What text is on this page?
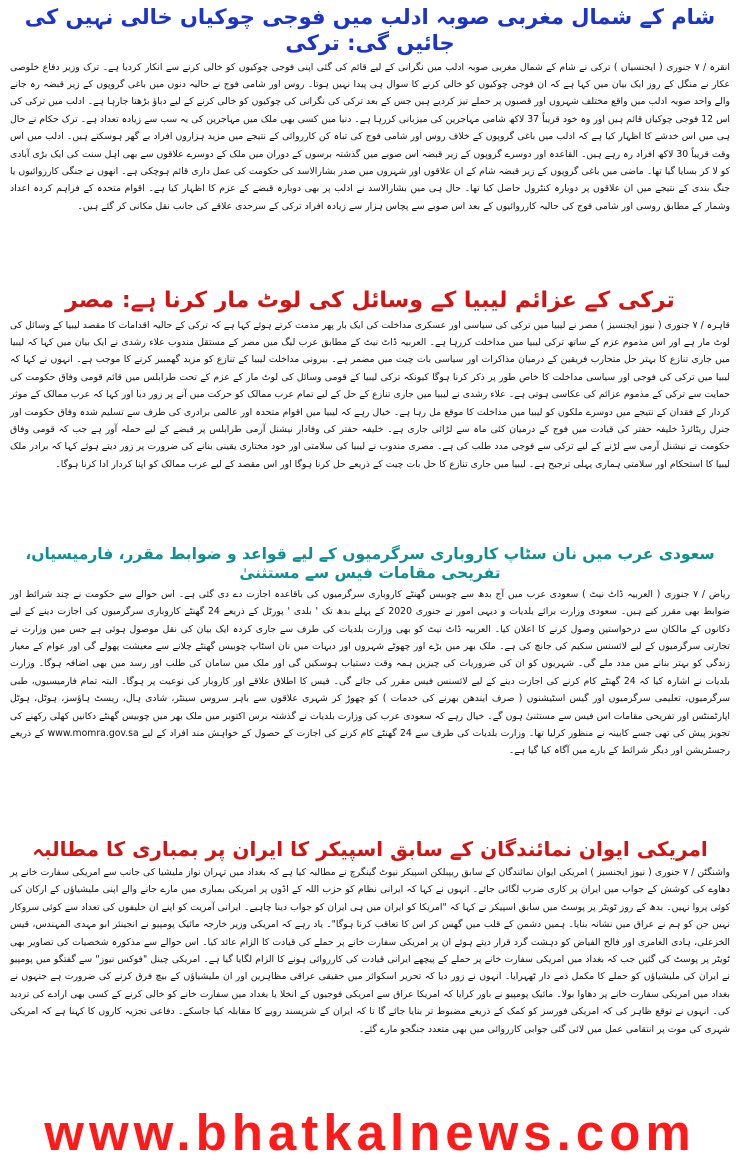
شام کے شمال مغربی صوبہ ادلب میں فوجی چوکیاں خالی نہیں کی جائیں گی: ترکی

انقرہ / ۷ جنوری ( ایجنسیاں ) ترکی نے شام کے شمال مغربی صوبہ ادلب میں نگرانی کے لیے قائم کی گئی اپنی فوجی چوکیوں کو خالی کرنے سے انکار کردیا ہے۔ ترک وزیر دفاع خلوصی عکار نے منگل کے روز ایک بیان میں کہا ہے کہ ان فوجی چوکیوں کو خالی کرنے کا سوال ہی پیدا نہیں ہوتا۔ روس اور شامی فوج نے حالیہ دنوں میں باغی گروپوں کے زیر قبضہ رہ جانے والے واحد صوبہ ادلب میں واقع مختلف شہروں اور قصبوں پر حملے تیز کردیے ہیں جس کے بعد ترکی کی نگرانی کی چوکیوں کو خالی کرنے کے لیے دباؤ بڑھتا جارہا ہے۔ ادلب میں ترکی کی اس 12 فوجی چوکیاں قائم ہیں اور وہ خود قریباً 37 لاکھ شامی مہاجرین کی میزبانی کررہا ہے۔ دنیا میں کسی بھی ملک میں مہاجرین کی یہ سب سے زیادہ تعداد ہے۔ ترک حکام نے حال ہی میں اس خدشے کا اظہار کیا ہے کہ ادلب میں باغی گروپوں کے خلاف روس اور شامی فوج کی تباہ کن کارروائی کے نتیجے میں مزید ہزاروں افراد بے گھر ہوسکتے ہیں۔ ادلب میں اس وقت قریباً 30 لاکھ افراد رہ رہے ہیں۔ القاعدہ اور دوسرے گروپوں کے زیر قبضہ اس صوبے میں گذشتہ برسوں کے دوران میں ملک کے دوسرے علاقوں سے بھی اہل سنت کی ایک بڑی آبادی کو لا کر بسایا گیا تھا۔ ماضی میں باغی گروپوں کے زیر قبضہ شام کے ان علاقوں اور شہروں میں صدر بشارالاسد کی حکومت کی عمل داری قائم ہوچکی ہے۔ انھوں نے جنگی کارروائیوں یا جنگ بندی کے نتیجے میں ان علاقوں پر دوبارہ کنٹرول حاصل کیا تھا۔ حال ہی میں بشارالاسد نے ادلب پر بھی دوبارہ قبضے کے عزم کا اظہار کیا ہے۔ اقوام متحدہ کے فراہم کردہ اعداد وشمار کے مطابق روسی اور شامی فوج کی حالیہ کارروائیوں کے بعد اس صوبے سے پچاس ہزار سے زیادہ افراد ترکی کے سرحدی علاقے کی جانب نقل مکانی کر گئے ہیں۔

ترکی کے عزائم لیبیا کے وسائل کی لوٹ مار کرنا ہے: مصر

قاہرہ / ۷ جنوری ( نیوز ایجنسیز ) مصر نے لیبیا میں ترکی کی سیاسی اور عسکری مداخلت کی ایک بار پھر مذمت کرتے ہوئے کہا ہے کہ ترکی کے حالیہ اقدامات کا مقصد لیبیا کے وسائل کی لوٹ مار ہے اور اس مذموم عزم کے ساتھ ترکی لیبیا میں مداخلت کررہا ہے۔ العربیہ ڈاٹ نیٹ کے مطابق عرب لیگ میں مصر کے مستقل مندوب علاء رشدی نے ایک بیان میں کہا کہ لیبیا میں جاری تنازع کا بہتر حل متحارب فریقین کے درمیان مذاکرات اور سیاسی بات چیت میں مضمر ہے۔ بیرونی مداخلت لیبیا کے تنازع کو مزید گھمبیر کرنے کا موجب ہے۔ انہوں نے کہا کہ لیبیا میں ترکی کی فوجی اور سیاسی مداخلت کا خاص طور پر ذکر کرنا ہوگا کیونکہ ترکی لیبیا کے قومی وسائل کی لوٹ مار کے عزم کے تحت طرابلس میں قائم قومی وفاق حکومت کی حمایت سے ترکی کے مذموم عزائم کی عکاسی ہوتی ہے۔ علاء رشدی نے لیبیا میں جاری تنازع کے حل کے لیے تمام عرب ممالک کو حرکت میں آنے پر زور دیا اور کہا کہ عرب ممالک کے موثر کردار کے فقدان کے نتیجے میں دوسرے ملکوں کو لیبیا میں مداخلت کا موقع مل رہا ہے۔ خیال رہے کہ لیبیا میں اقوام متحدہ اور عالمی برادری کی طرف سے تسلیم شدہ وفاق حکومت اور جنرل ریٹائرڈ خلیفہ حفتر کی قیادت میں فوج کے درمیان کئی ماہ سے لڑائی جاری ہے۔ خلیفہ حفتر کی وفادار نیشنل آرمی طرابلس پر قبضے کے لیے حملہ آور ہے جب کہ قومی وفاق حکومت نے نیشنل آرمی سے لڑنے کے لیے ترکی سے فوجی مدد طلب کی ہے۔ مصری مندوب نے لیبیا کی سلامتی اور خود مختاری یقینی بنانے کی ضرورت پر زور دیتے ہوئے کہا کہ برادر ملک لیبیا کا استحکام اور سلامتی ہماری پہلی ترجیح ہے۔ لیبیا میں جاری تنازع کا حل بات چیت کے ذریعے حل کرنا ہوگا اور اس مقصد کے لیے عرب ممالک کو اپنا کردار ادا کرنا ہوگا۔

سعودی عرب میں نان سٹاپ کاروباری سرگرمیوں کے لیے قواعد و ضوابط مقرر، فارمیسیاں، تفریحی مقامات فیس سے مستثنیٰ

ریاض / ۷ جنوری ( العربیہ ڈاٹ نیٹ ) سعودی عرب میں آج بدھ سے چوبیس گھنٹے کاروباری سرگرمیوں کی باقاعدہ اجازت دے دی گئی ہے۔ اس حوالے سے حکومت نے چند شرائط اور ضوابط بھی مقرر کیے ہیں۔ سعودی وزارت برائے بلدیات و دیہی امور نے جنوری 2020 کے پہلے بدھ تک ' بلدی ' پورٹل کے ذریعے 24 گھنٹے کاروباری سرگرمیوں کی اجازت دینے کے لیے دکانوں کے مالکان سے درخواستیں وصول کرنے کا اعلان کیا۔ العربیہ ڈاٹ نیٹ کو بھی وزارت بلدیات کی طرف سے جاری کردہ ایک بیان کی نقل موصول ہوئی ہے جس میں وزارت نے تجارتی سرگرمیوں کے لیے لائسنس سکیم کی جانچ کی ہے۔ ملک بھر میں بڑے اور چھوٹے شہروں اور دیہات میں نان اسٹاپ چوبیس گھنٹے چلانے سے معیشت پھولے گی اور عوام کے معیار زندگی کو بہتر بنانے میں مدد ملے گی۔ شہریوں کو ان کی ضروریات کی چیزیں ہمہ وقت دستیاب ہوسکیں گی اور ملک میں سامان کی طلب اور رسد میں بھی اضافہ ہوگا۔ وزارت بلدیات نے اشارہ کیا کہ 24 گھنٹے کام کرنے کی اجازت دینے کے لیے لائسنس فیس مقرر کی جائے گی۔ فیس کا اطلاق علاقے اور کاروبار کی نوعیت پر ہوگا۔ البتہ تمام فارمیسیوں، طبی سرگرمیوں، تعلیمی سرگرمیوں اور گیس اسٹیشنوں ( صرف ایندھن بھرنے کی خدمات ) کو چھوڑ کر شہری علاقوں سے باہر سروس سینٹر، شادی ہال، ریسٹ ہاؤسز، ہوٹل، ہوٹل اپارٹمنٹس اور تفریحی مقامات اس فیس سے مستثنیٰ ہوں گے۔ خیال رہے کہ سعودی عرب کی وزارت بلدیات نے گذشتہ برس اکتوبر میں ملک بھر میں چوبیس گھنٹے دکانیں کھلی رکھنے کی تجویز پیش کی تھی جسے کابینہ نے منظور کرلیا تھا۔ وزارت بلدیات کی طرف سے 24 گھنٹے کام کرنے کی اجازت کے حصول کے خواہش مند افراد کے لیے www.momra.gov.sa کے ذریعے رجسٹریشن اور دیگر شرائط کے بارے میں آگاہ کیا گیا ہے۔

امریکی ایوان نمائندگان کے سابق اسپیکر کا ایران پر بمباری کا مطالبہ

واشنگٹن / ۷ جنوری ( نیوز ایجنسیز ) امریکی ایوان نمائندگان کے سابق ریپبلکن اسپیکر نیوٹ گینگرچ نے مطالبہ کیا ہے کہ بغداد میں تہران نواز ملیشیا کی جانب سے امریکی سفارت خانے پر دھاوے کی کوشش کے جواب میں ایران پر کاری ضرب لگائی جائے۔ انہوں نے کہا کہ ایرانی نظام کو حزب اللہ کے اڈوں پر امریکی بمباری میں مارے جانے والے اپنی ملیشیاؤں کے ارکان کی کوئی پروا نہیں۔ بدھ کے روز ٹویٹر پر پوسٹ میں سابق اسپیکر نے کہا کہ "امریکا کو ایران میں ہی ایران کو جواب دینا چاہیے۔ ایرانی آمریت کو اپنے ان حلیفوں کی تعداد سے کوئی سروکار نہیں جن کو ہم نے عراق میں نشانہ بنایا۔ ہمیں دشمن کے قلب میں گھس کر اس کا تعاقب کرنا ہوگا"۔ یاد رہے کہ امریکی وزیر خارجہ مائیک پومپیو نے انجینئر ابو مہدی المہندس، قیس الخزعلی، ہادی العامری اور فالح الفیاض کو دہشت گرد قرار دیتے ہوئے ان پر امریکی سفارت خانے پر حملے کی قیادت کا الزام عائد کیا۔ اس حوالے سے مذکورہ شخصیات کی تصاویر بھی ٹویٹر پر پوسٹ کی گئیں جب کہ بغداد میں امریکی سفارت خانے پر حملے کے پیچھے ایرانی قیادت کی کارروائی ہونے کا الزام لگایا گیا ہے۔ امریکی چینل "فوکس نیوز" سے گفتگو میں پومپیو نے ایران کی ملیشیاؤں کو حملے کا مکمل ذمے دار ٹھہرایا۔ انہوں نے زور دیا کہ تحریر اسکوائر میں حقیقی عراقی مظاہرین اور ان ملیشیاؤں کے بیچ فرق کرنے کی ضرورت ہے جنہوں نے بغداد میں امریکی سفارت خانے پر دھاوا بولا۔ مائیک پومپیو نے باور کرایا کہ امریکا عراق سے امریکی فوجیوں کے انخلا یا بغداد میں سفارت خانے کو خالی کرنے کے کسی بھی ارادے کی تردید کی۔ انہوں نے توقع ظاہر کی کہ امریکی فورسز کو کمک کے ذریعے مضبوط تر بنایا جائے گا تا کہ ایران کے شرپسند رویے کا مقابلہ کیا جاسکے۔ دفاعی تجزیہ کاروں کا کہنا ہے کہ امریکی شہری کی موت پر انتقامی عمل میں لائی گئی جوابی کارروائی میں بھی متعدد جنگجو مارے گئے۔

www.bhatkalnews.com
